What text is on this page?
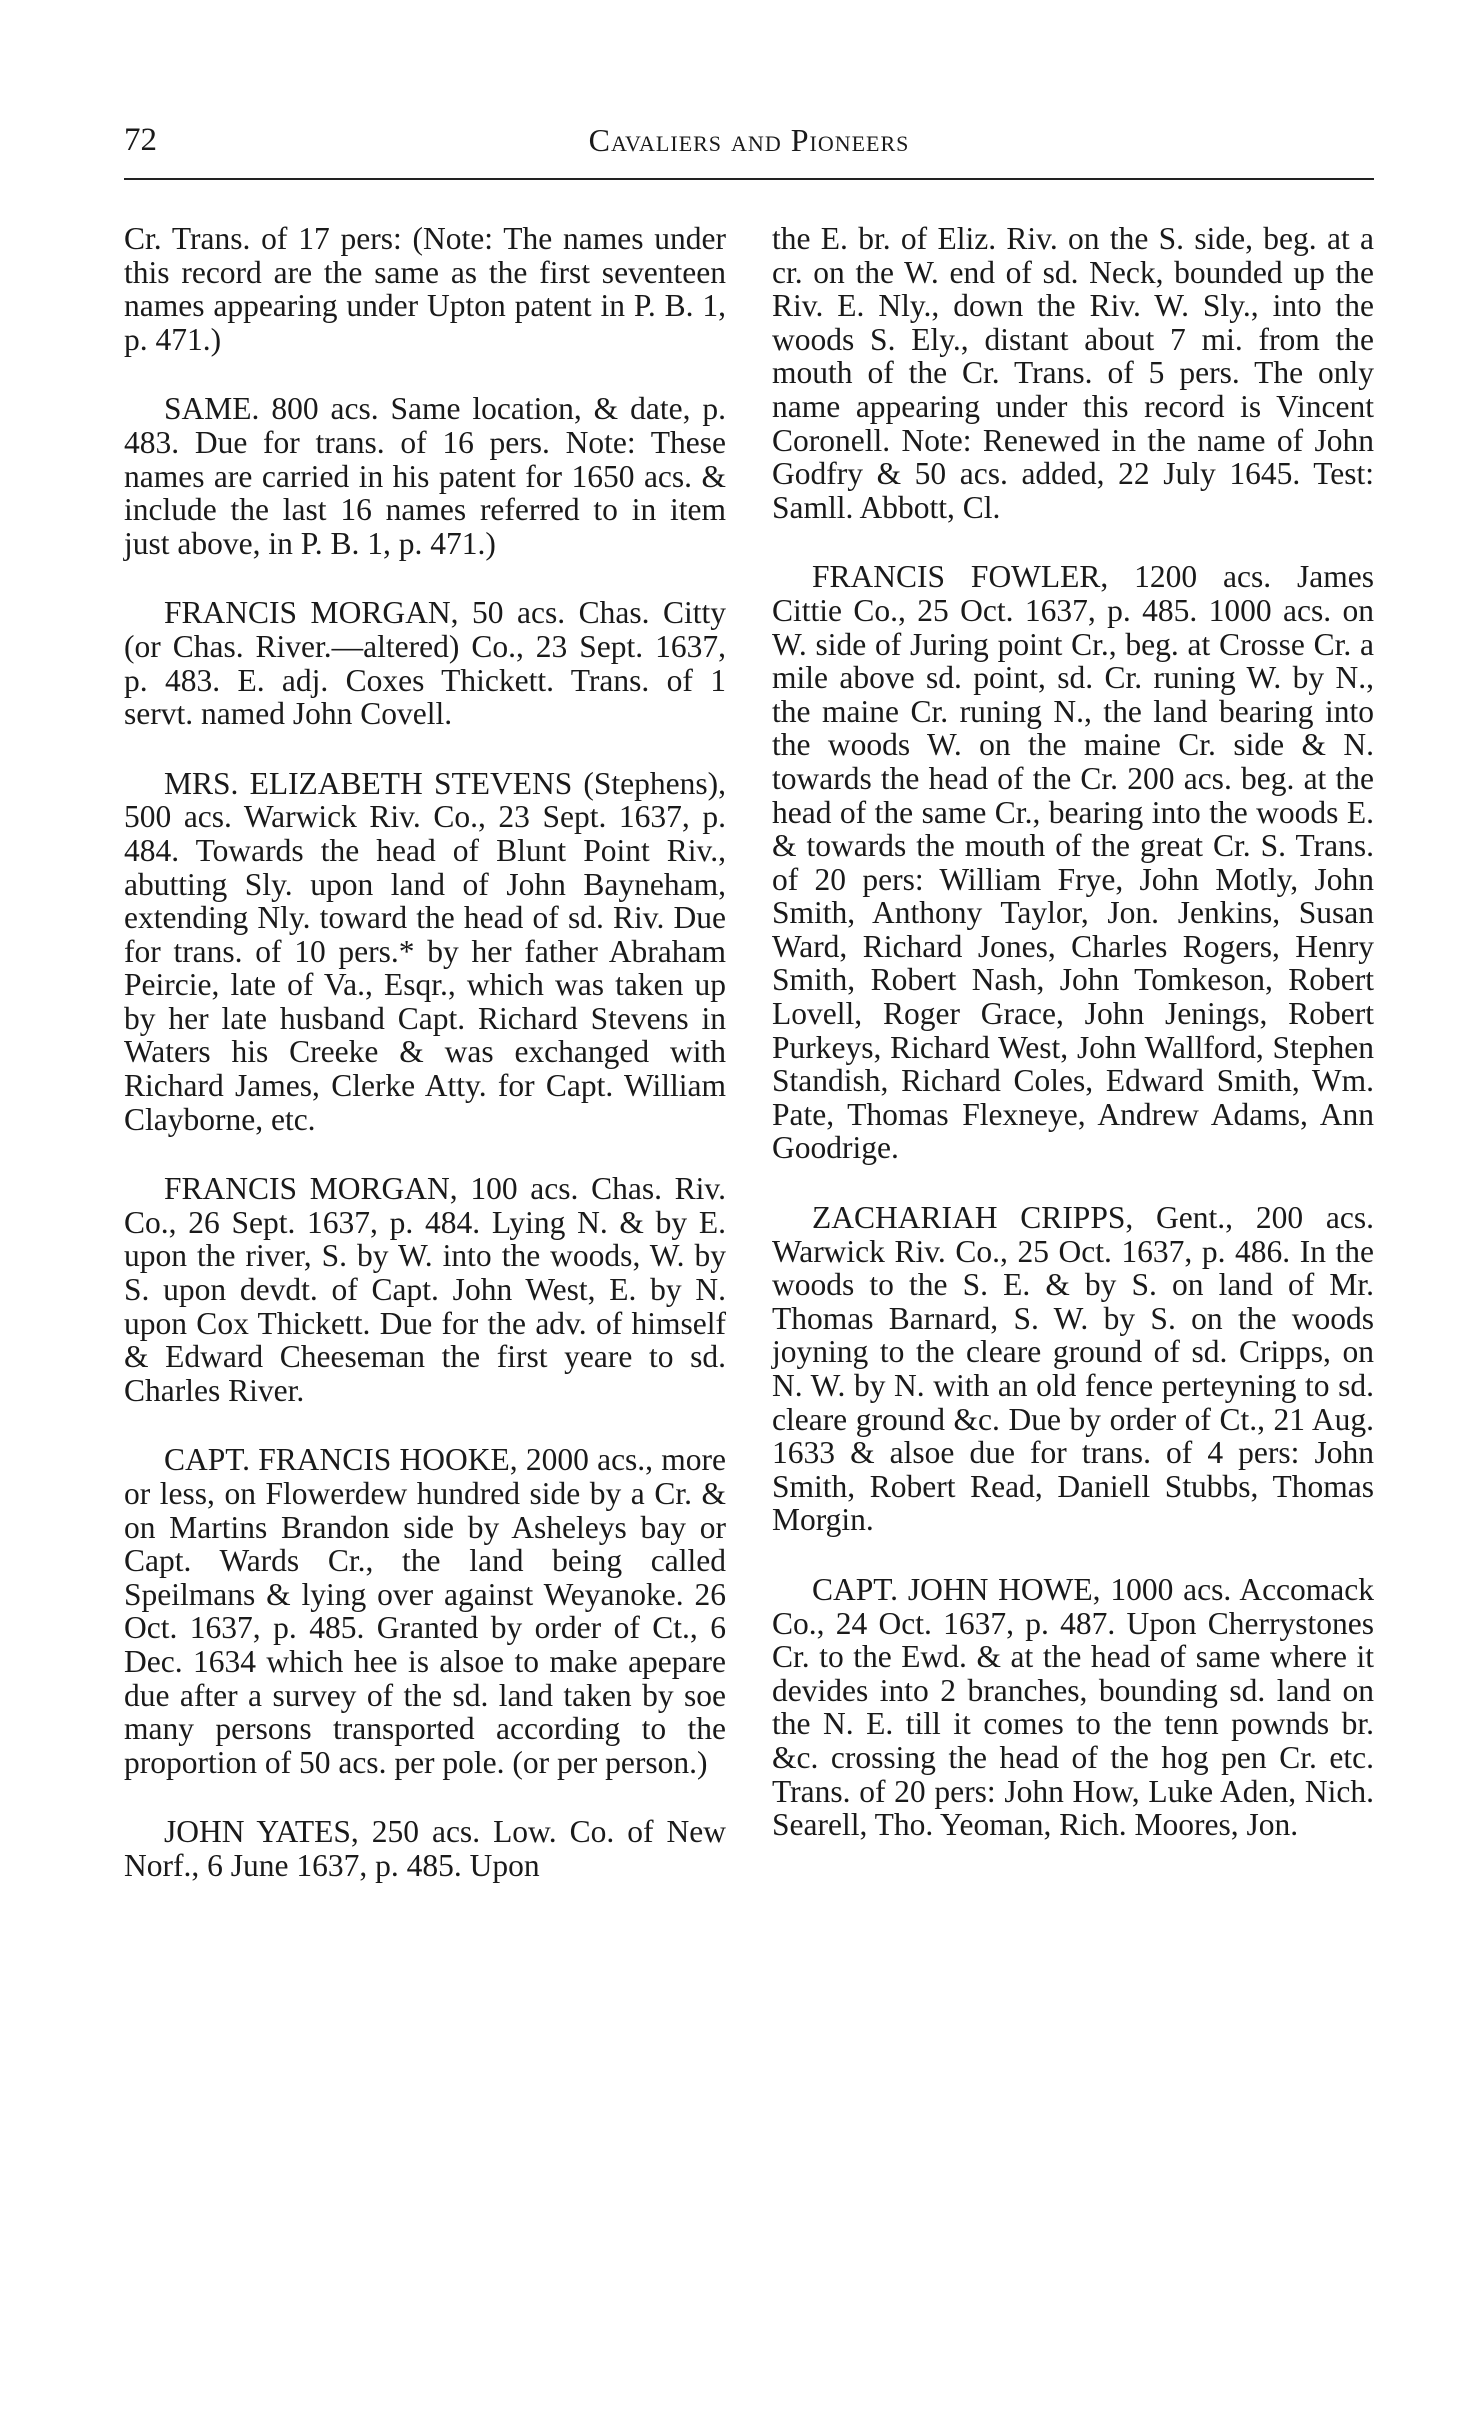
72	Cavaliers and Pioneers

Cr. Trans. of 17 pers: (Note: The names under this record are the same as the first seventeen names appearing under Upton patent in P. B. 1, p. 471.)

SAME. 800 acs. Same location, & date, p. 483. Due for trans. of 16 pers. Note: These names are carried in his patent for 1650 acs. & include the last 16 names referred to in item just above, in P. B. 1, p. 471.)

FRANCIS MORGAN, 50 acs. Chas. Citty (or Chas. River.—altered) Co., 23 Sept. 1637, p. 483. E. adj. Coxes Thickett. Trans. of 1 servt. named John Covell.

MRS. ELIZABETH STEVENS (Stephens), 500 acs. Warwick Riv. Co., 23 Sept. 1637, p. 484. Towards the head of Blunt Point Riv., abutting Sly. upon land of John Bayneham, extending Nly. toward the head of sd. Riv. Due for trans. of 10 pers.* by her father Abraham Peircie, late of Va., Esqr., which was taken up by her late husband Capt. Richard Stevens in Waters his Creeke & was exchanged with Richard James, Clerke Atty. for Capt. William Clayborne, etc.

FRANCIS MORGAN, 100 acs. Chas. Riv. Co., 26 Sept. 1637, p. 484. Lying N. & by E. upon the river, S. by W. into the woods, W. by S. upon devdt. of Capt. John West, E. by N. upon Cox Thickett. Due for the adv. of himself & Edward Cheeseman the first yeare to sd. Charles River.

CAPT. FRANCIS HOOKE, 2000 acs., more or less, on Flowerdew hundred side by a Cr. & on Martins Brandon side by Asheleys bay or Capt. Wards Cr., the land being called Speilmans & lying over against Weyanoke. 26 Oct. 1637, p. 485. Granted by order of Ct., 6 Dec. 1634 which hee is alsoe to make apepare due after a survey of the sd. land taken by soe many persons transported according to the proportion of 50 acs. per pole. (or per person.)

JOHN YATES, 250 acs. Low. Co. of New Norf., 6 June 1637, p. 485. Upon

the E. br. of Eliz. Riv. on the S. side, beg. at a cr. on the W. end of sd. Neck, bounded up the Riv. E. Nly., down the Riv. W. Sly., into the woods S. Ely., distant about 7 mi. from the mouth of the Cr. Trans. of 5 pers. The only name appearing under this record is Vincent Coronell. Note: Renewed in the name of John Godfry & 50 acs. added, 22 July 1645. Test: Samll. Abbott, Cl.

FRANCIS FOWLER, 1200 acs. James Cittie Co., 25 Oct. 1637, p. 485. 1000 acs. on W. side of Juring point Cr., beg. at Crosse Cr. a mile above sd. point, sd. Cr. runing W. by N., the maine Cr. runing N., the land bearing into the woods W. on the maine Cr. side & N. towards the head of the Cr. 200 acs. beg. at the head of the same Cr., bearing into the woods E. & towards the mouth of the great Cr. S. Trans. of 20 pers: William Frye, John Motly, John Smith, Anthony Taylor, Jon. Jenkins, Susan Ward, Richard Jones, Charles Rogers, Henry Smith, Robert Nash, John Tomkeson, Robert Lovell, Roger Grace, John Jenings, Robert Purkeys, Richard West, John Wallford, Stephen Standish, Richard Coles, Edward Smith, Wm. Pate, Thomas Flexneye, Andrew Adams, Ann Goodrige.

ZACHARIAH CRIPPS, Gent., 200 acs. Warwick Riv. Co., 25 Oct. 1637, p. 486. In the woods to the S. E. & by S. on land of Mr. Thomas Barnard, S. W. by S. on the woods joyning to the cleare ground of sd. Cripps, on N. W. by N. with an old fence perteyning to sd. cleare ground &c. Due by order of Ct., 21 Aug. 1633 & alsoe due for trans. of 4 pers: John Smith, Robert Read, Daniell Stubbs, Thomas Morgin.

CAPT. JOHN HOWE, 1000 acs. Accomack Co., 24 Oct. 1637, p. 487. Upon Cherrystones Cr. to the Ewd. & at the head of same where it devides into 2 branches, bounding sd. land on the N. E. till it comes to the tenn pownds br. &c. crossing the head of the hog pen Cr. etc. Trans. of 20 pers: John How, Luke Aden, Nich. Searell, Tho. Yeoman, Rich. Moores, Jon.
